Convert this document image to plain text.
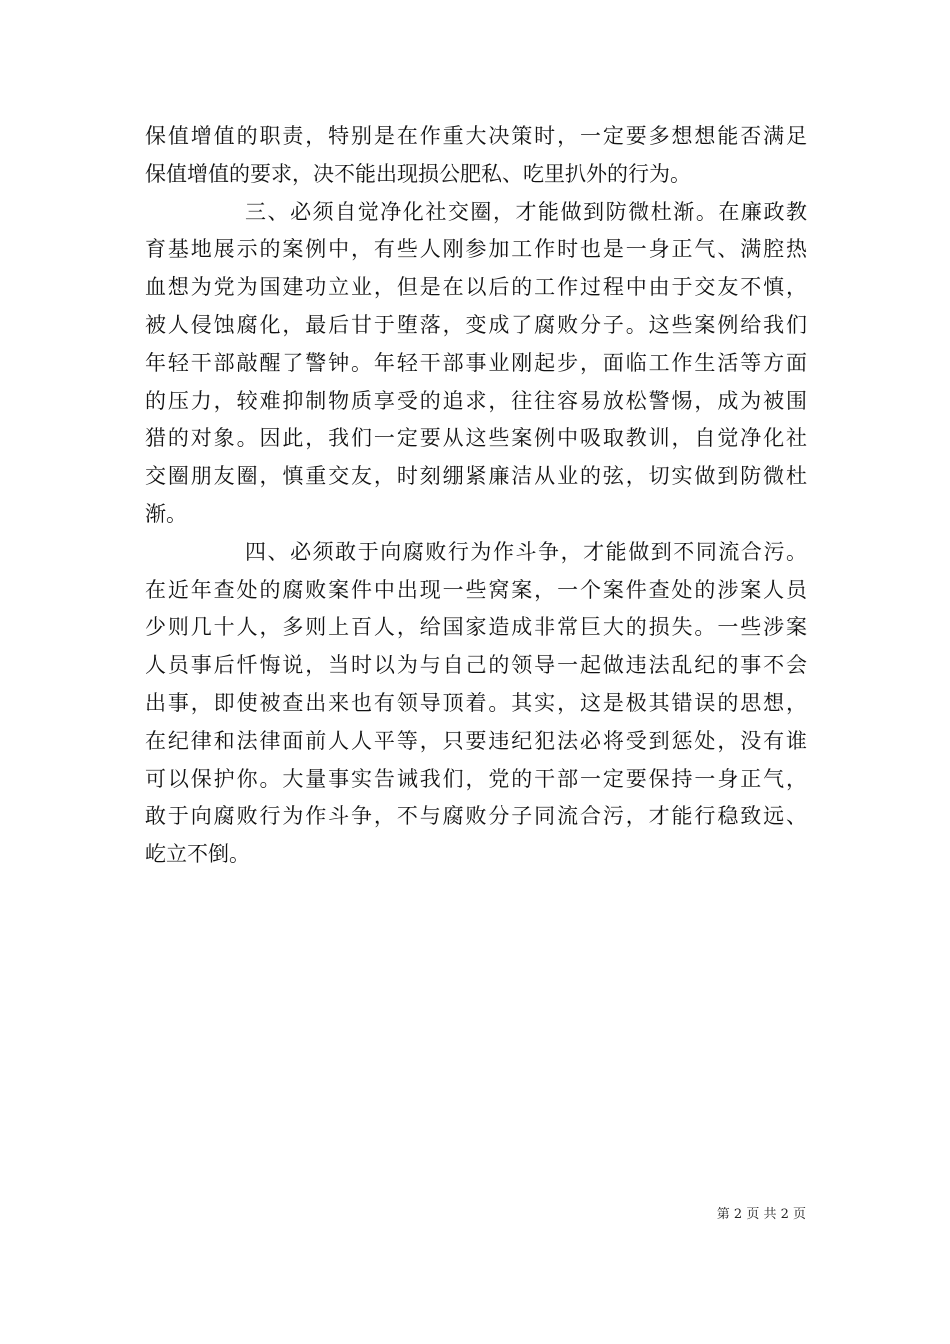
保值增值的职责，特别是在作重大决策时，一定要多想想能否满足
保值增值的要求，决不能出现损公肥私、吃里扒外的行为。
三、必须自觉净化社交圈，才能做到防微杜渐。在廉政教
育基地展示的案例中，有些人刚参加工作时也是一身正气、满腔热
血想为党为国建功立业，但是在以后的工作过程中由于交友不慎，
被人侵蚀腐化，最后甘于堕落，变成了腐败分子。这些案例给我们
年轻干部敲醒了警钟。年轻干部事业刚起步，面临工作生活等方面
的压力，较难抑制物质享受的追求，往往容易放松警惕，成为被围
猎的对象。因此，我们一定要从这些案例中吸取教训，自觉净化社
交圈朋友圈，慎重交友，时刻绷紧廉洁从业的弦，切实做到防微杜
渐。
四、必须敢于向腐败行为作斗争，才能做到不同流合污。
在近年查处的腐败案件中出现一些窝案，一个案件查处的涉案人员
少则几十人，多则上百人，给国家造成非常巨大的损失。一些涉案
人员事后忏悔说，当时以为与自己的领导一起做违法乱纪的事不会
出事，即使被查出来也有领导顶着。其实，这是极其错误的思想，
在纪律和法律面前人人平等，只要违纪犯法必将受到惩处，没有谁
可以保护你。大量事实告诫我们，党的干部一定要保持一身正气，
敢于向腐败行为作斗争，不与腐败分子同流合污，才能行稳致远、
屹立不倒。
第 2 页 共 2 页
